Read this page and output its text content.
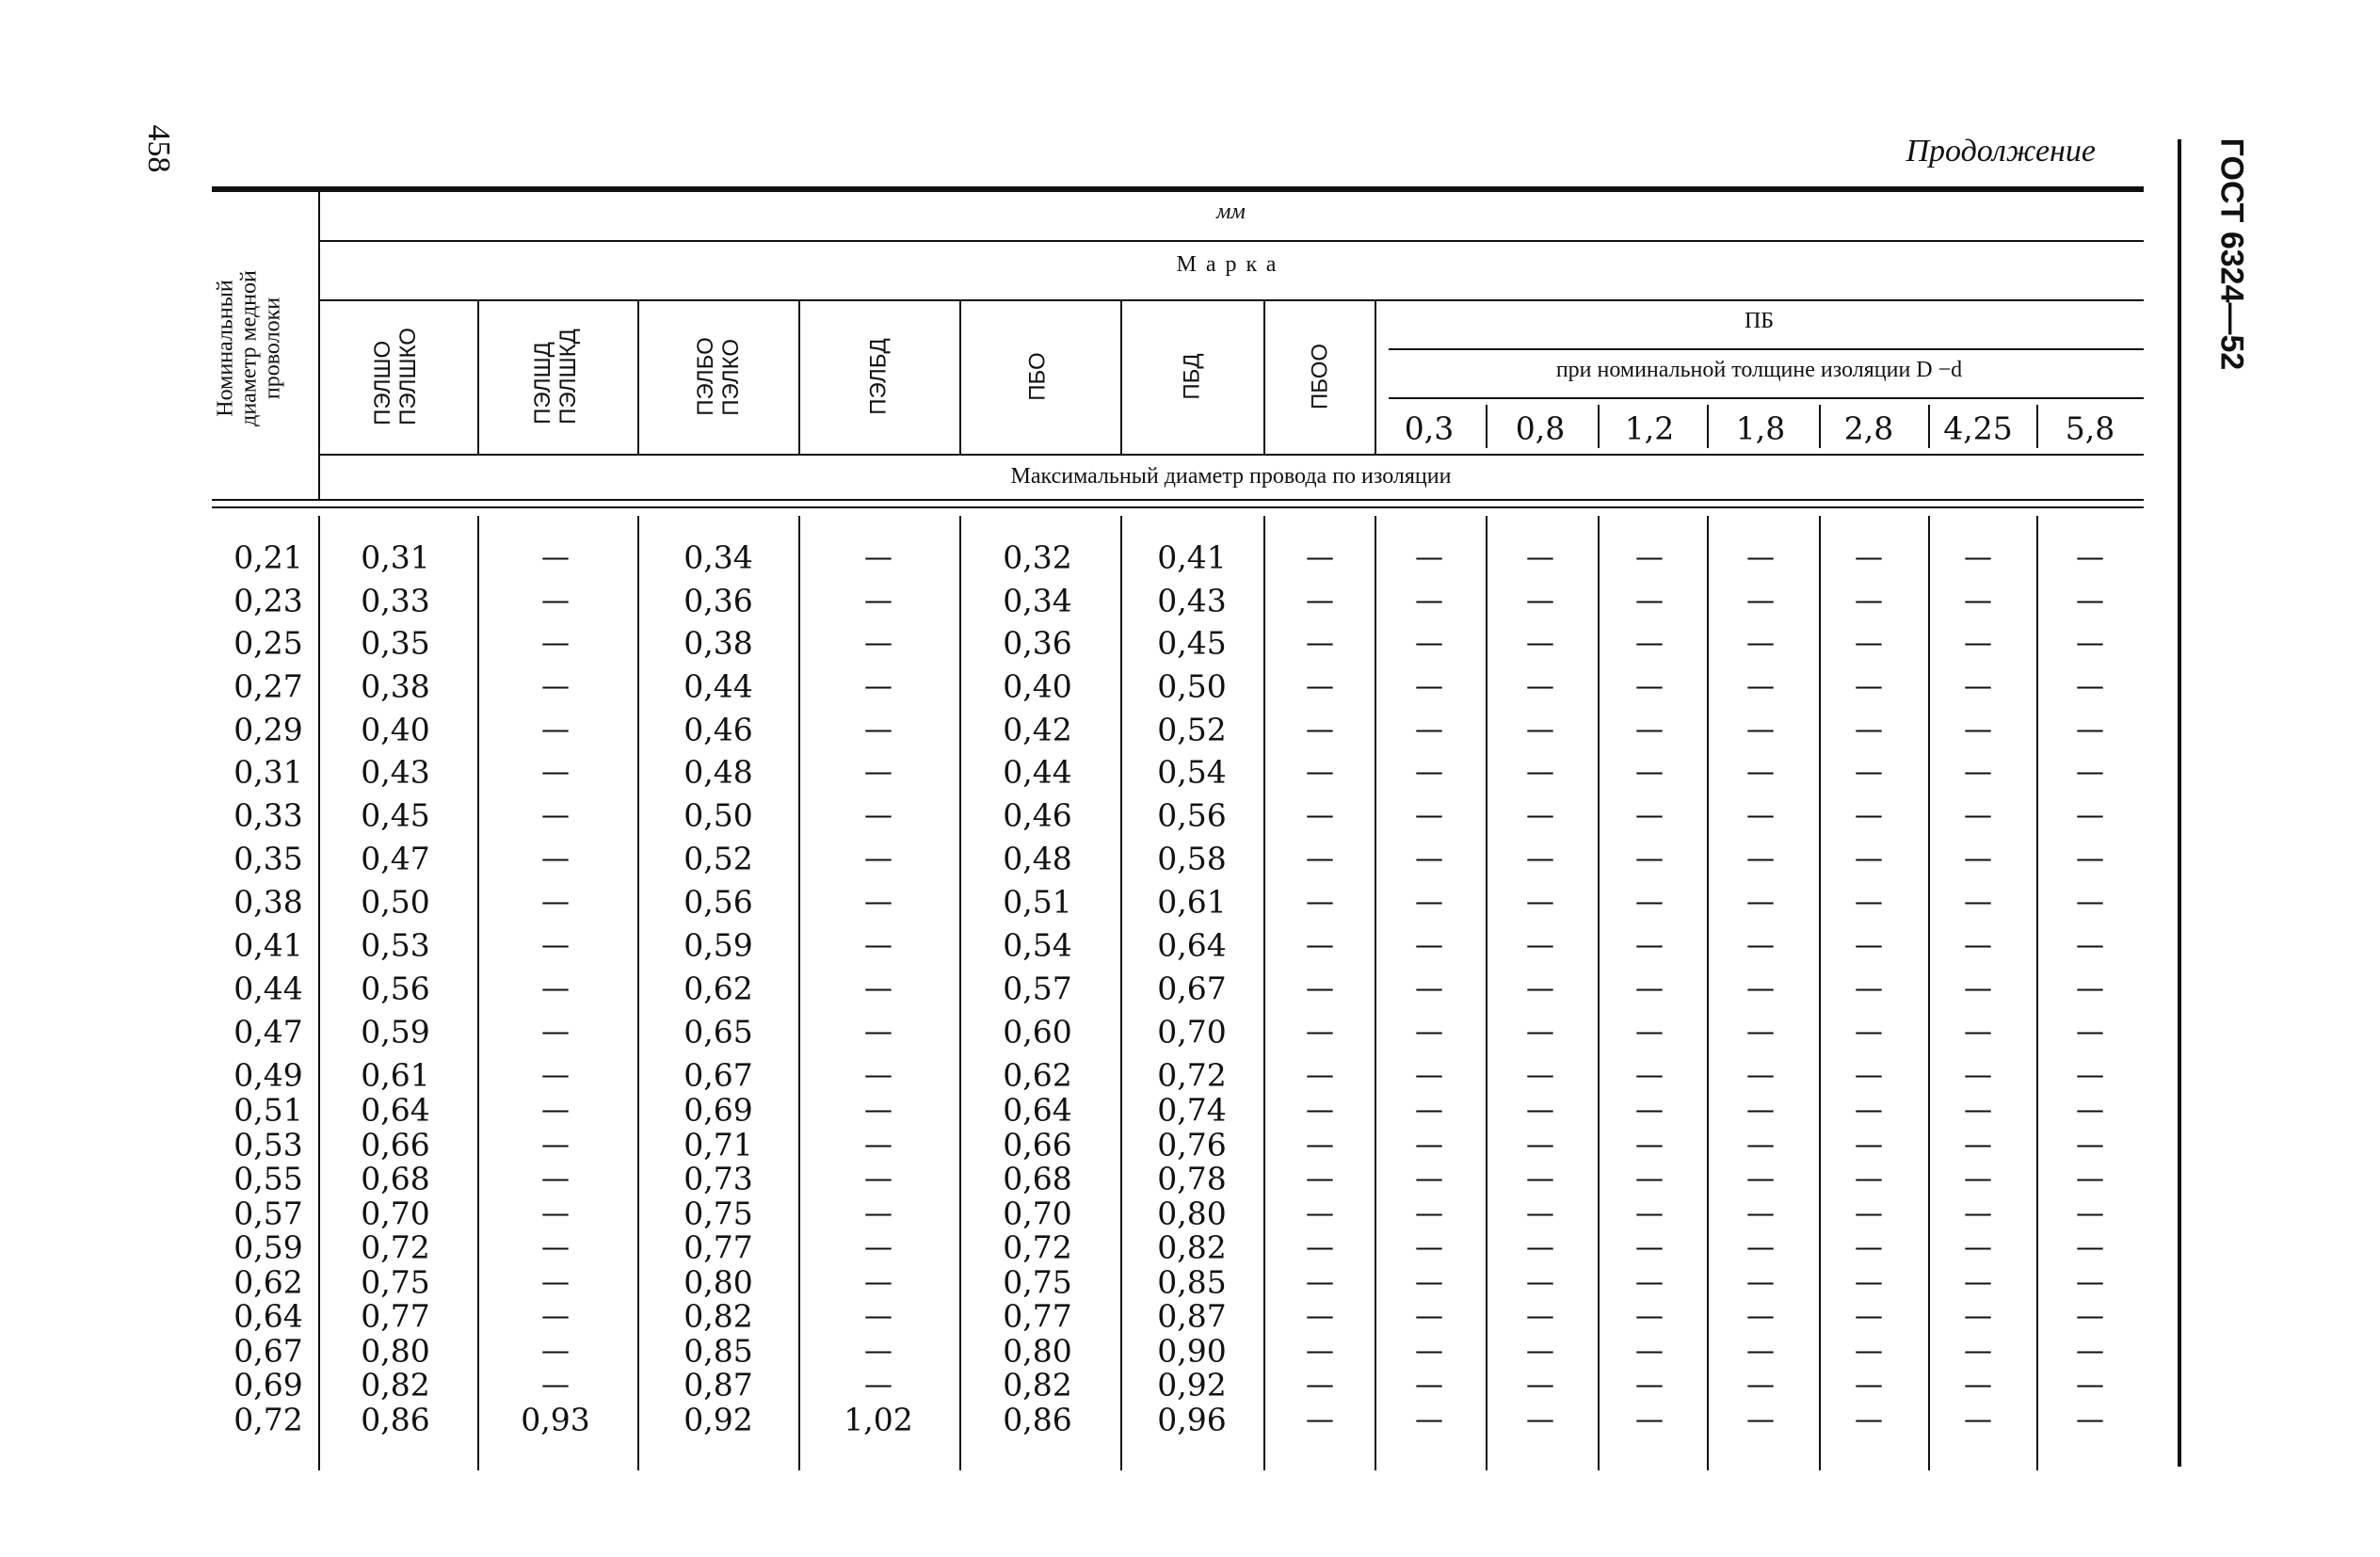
458	ГОСТ 6324—52
Продолжение
мм
Марка
ПБ
при номинальной толщине изоляции D −d
Максимальный диаметр провода по изоляции
Номинальный диаметр медной проволоки	ПЭЛШО ПЭЛШКО	ПЭЛШД ПЭЛШКД	ПЭЛБО ПЭЛКО	ПЭЛБД	ПБО	ПБД	ПБОО
0,3 0,8 1,2 1,8 2,8 4,25 5,8
0,21 0,31	—	0,34	—	0,32	0,41	—	—	—	—	—	—	—	—
0,23 0,33	—	0,36	—	0,34	0,43	—	—	—	—	—	—	—	—
0,25 0,35	—	0,38	—	0,36	0,45	—	—	—	—	—	—	—	—
0,27 0,38	—	0,44	—	0,40	0,50	—	—	—	—	—	—	—	—
0,29 0,40	—	0,46	—	0,42	0,52	—	—	—	—	—	—	—	—
0,31 0,43	—	0,48	—	0,44	0,54	—	—	—	—	—	—	—	—
0,33 0,45	—	0,50	—	0,46	0,56	—	—	—	—	—	—	—	—
0,35 0,47	—	0,52	—	0,48	0,58	—	—	—	—	—	—	—	—
0,38 0,50	—	0,56	—	0,51	0,61	—	—	—	—	—	—	—	—
0,41 0,53	—	0,59	—	0,54	0,64	—	—	—	—	—	—	—	—
0,44 0,56	—	0,62	—	0,57	0,67	—	—	—	—	—	—	—	—
0,47 0,59	—	0,65	—	0,60	0,70	—	—	—	—	—	—	—	—
0,49 0,61	—	0,67	—	0,62	0,72	—	—	—	—	—	—	—	—
0,51 0,64	—	0,69	—	0,64	0,74	—	—	—	—	—	—	—	—
0,53 0,66	—	0,71	—	0,66	0,76	—	—	—	—	—	—	—	—
0,55 0,68	—	0,73	—	0,68	0,78	—	—	—	—	—	—	—	—
0,57 0,70	—	0,75	—	0,70	0,80	—	—	—	—	—	—	—	—
0,59 0,72	—	0,77	—	0,72	0,82	—	—	—	—	—	—	—	—
0,62 0,75	—	0,80	—	0,75	0,85	—	—	—	—	—	—	—	—
0,64 0,77	—	0,82	—	0,77	0,87	—	—	—	—	—	—	—	—
0,67 0,80	—	0,85	—	0,80	0,90	—	—	—	—	—	—	—	—
0,69 0,82	—	0,87	—	0,82	0,92	—	—	—	—	—	—	—	—
0,72 0,86	0,93	0,92	1,02	0,86	0,96	—	—	—	—	—	—	—	—
